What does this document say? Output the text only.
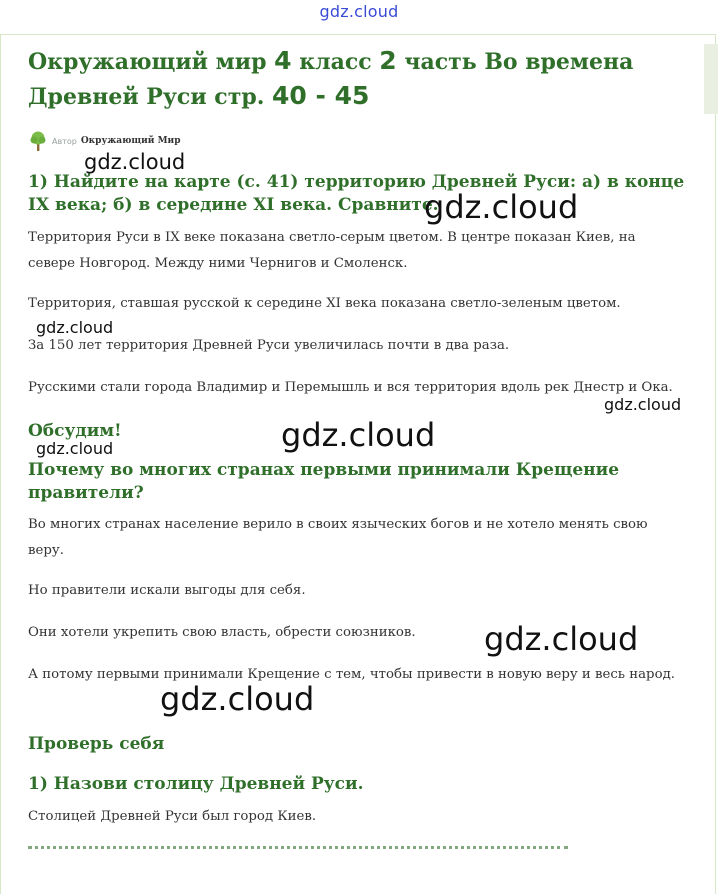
gdz.cloud
Окружающий мир 4 класс 2 часть Во времена Древней Руси стр. 40 - 45
Автор Окружающий Мир
1) Найдите на карте (с. 41) территорию Древней Руси: а) в конце IX века; б) в середине XI века. Сравните.

Территория Руси в IX веке показана светло-серым цветом. В центре показан Киев, на севере Новгород. Между ними Чернигов и Смоленск.

Территория, ставшая русской к середине XI века показана светло-зеленым цветом.

За 150 лет территория Древней Руси увеличилась почти в два раза.

Русскими стали города Владимир и Перемышль и вся территория вдоль рек Днестр и Ока.

Обсудим!
Почему во многих странах первыми принимали Крещение правители?

Во многих странах население верило в своих языческих богов и не хотело менять свою веру.

Но правители искали выгоды для себя.

Они хотели укрепить свою власть, обрести союзников.

А потому первыми принимали Крещение с тем, чтобы привести в новую веру и весь народ.

Проверь себя
1) Назови столицу Древней Руси.

Столицей Древней Руси был город Киев.

gdz.cloud
gdz.cloud
gdz.cloud
gdz.cloud
gdz.cloud
gdz.cloud
gdz.cloud
gdz.cloud
